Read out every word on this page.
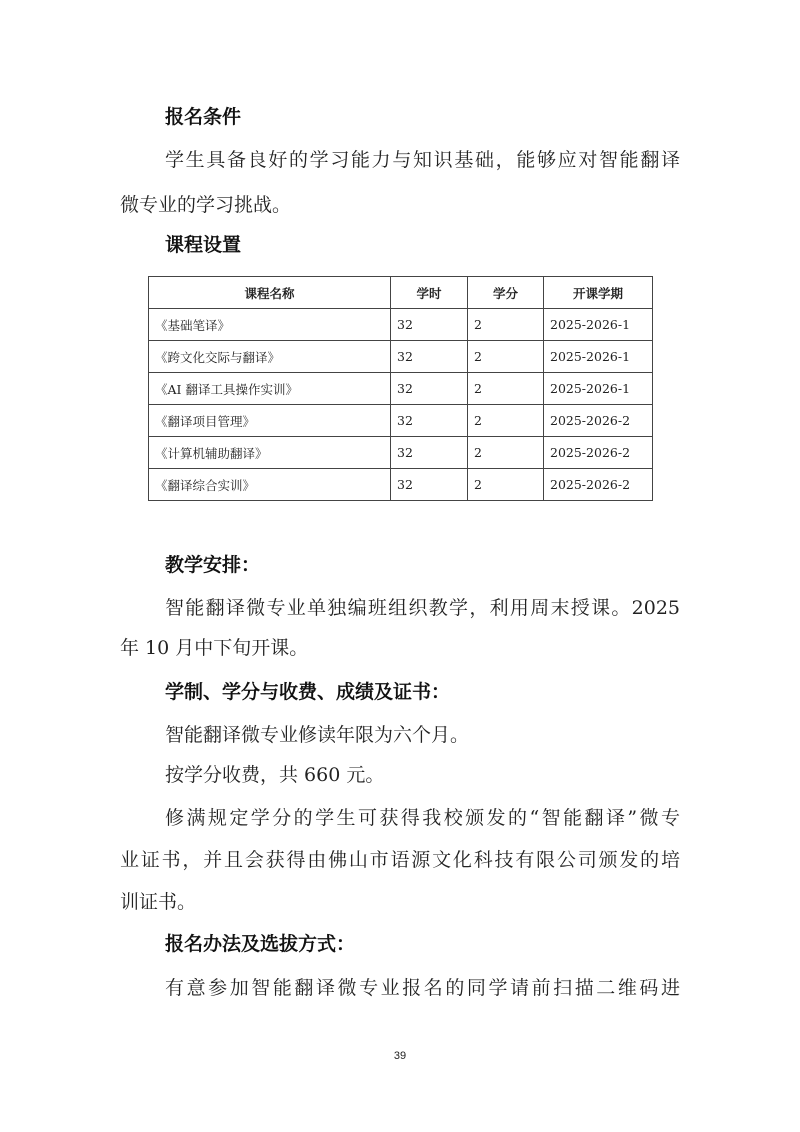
报名条件
学生具备良好的学习能力与知识基础，能够应对智能翻译
微专业的学习挑战。
课程设置
课程名称	学时	学分	开课学期
《基础笔译》	32	2	2025-2026-1
《跨文化交际与翻译》	32	2	2025-2026-1
《AI 翻译工具操作实训》	32	2	2025-2026-1
《翻译项目管理》	32	2	2025-2026-2
《计算机辅助翻译》	32	2	2025-2026-2
《翻译综合实训》	32	2	2025-2026-2
教学安排：
智能翻译微专业单独编班组织教学，利用周末授课。2025
年 10 月中下旬开课。
学制、学分与收费、成绩及证书：
智能翻译微专业修读年限为六个月。
按学分收费，共 660 元。
修满规定学分的学生可获得我校颁发的“智能翻译”微专
业证书，并且会获得由佛山市语源文化科技有限公司颁发的培
训证书。
报名办法及选拔方式：
有意参加智能翻译微专业报名的同学请前扫描二维码进
39
